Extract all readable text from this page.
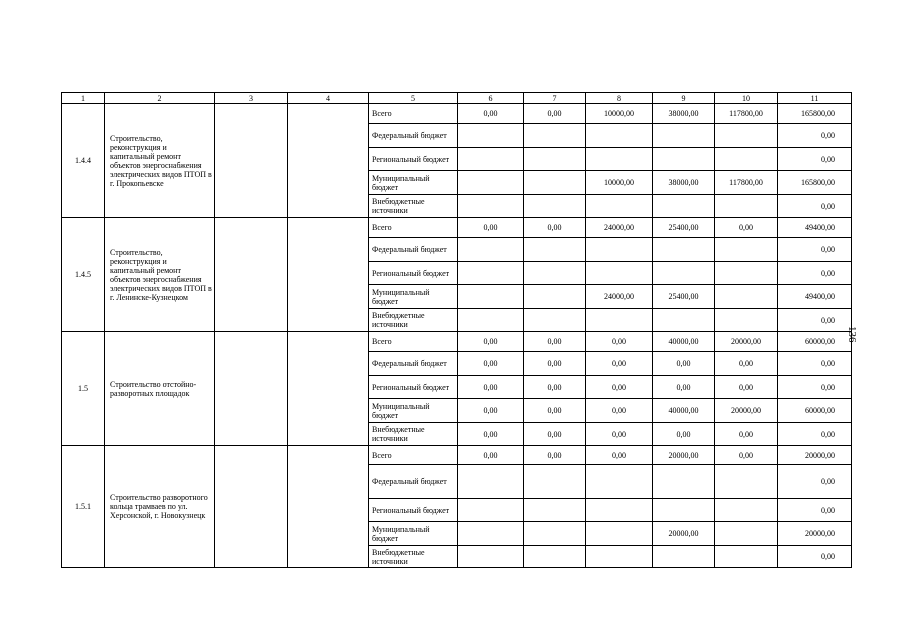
1	2	3	4	5	6	7	8	9	10	11
1.4.4	Строительство, реконструкция и капитальный ремонт объектов энергоснабжения электрических видов ПТОП в г. Прокопьевске			Всего	0,00	0,00	10000,00	38000,00	117800,00	165800,00
				Федеральный бюджет						0,00
				Региональный бюджет						0,00
				Муниципальный бюджет			10000,00	38000,00	117800,00	165800,00
				Внебюджетные источники						0,00
1.4.5	Строительство, реконструкция и капитальный ремонт объектов энергоснабжения электрических видов ПТОП в г. Ленинске-Кузнецком			Всего	0,00	0,00	24000,00	25400,00	0,00	49400,00
				Федеральный бюджет						0,00
				Региональный бюджет						0,00
				Муниципальный бюджет			24000,00	25400,00		49400,00
				Внебюджетные источники						0,00
1.5	Строительство отстойно-разворотных площадок			Всего	0,00	0,00	0,00	40000,00	20000,00	60000,00
				Федеральный бюджет	0,00	0,00	0,00	0,00	0,00	0,00
				Региональный бюджет	0,00	0,00	0,00	0,00	0,00	0,00
				Муниципальный бюджет	0,00	0,00	0,00	40000,00	20000,00	60000,00
				Внебюджетные источники	0,00	0,00	0,00	0,00	0,00	0,00
1.5.1	Строительство разворотного кольца трамваев по ул. Херсонской, г. Новокузнецк			Всего	0,00	0,00	0,00	20000,00	0,00	20000,00
				Федеральный бюджет						0,00
				Региональный бюджет						0,00
				Муниципальный бюджет				20000,00		20000,00
				Внебюджетные источники						0,00
136
